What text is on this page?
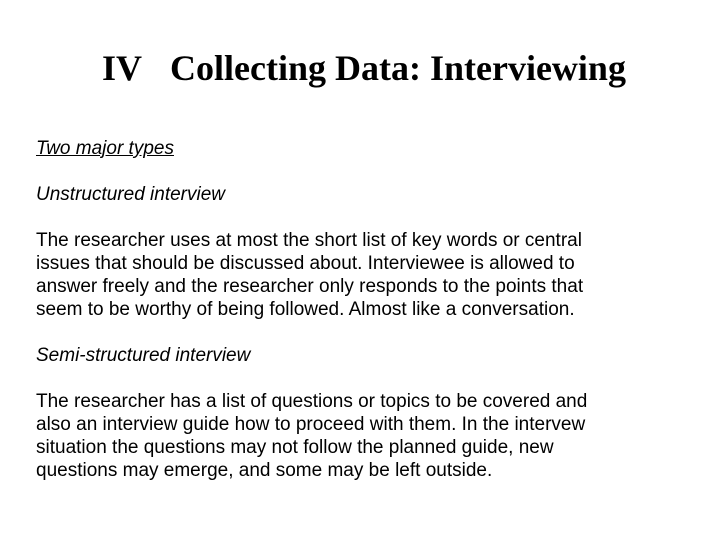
IV Collecting Data: Interviewing

Two major types

Unstructured interview

The researcher uses at most the short list of key words or central
issues that should be discussed about. Interviewee is allowed to
answer freely and the researcher only responds to the points that
seem to be worthy of being followed. Almost like a conversation.

Semi-structured interview

The researcher has a list of questions or topics to be covered and
also an interview guide how to proceed with them. In the intervew
situation the questions may not follow the planned guide, new
questions may emerge, and some may be left outside.
